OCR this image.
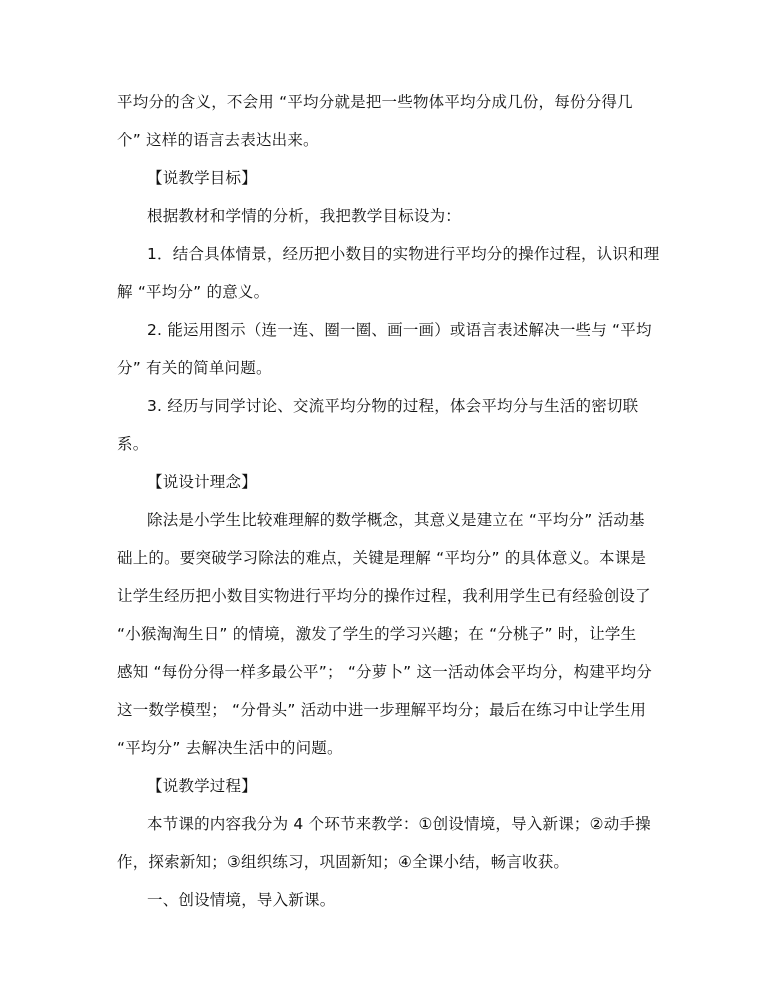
平均分的含义，不会用 “平均分就是把一些物体平均分成几份，每份分得几
个” 这样的语言去表达出来。
【说教学目标】
根据教材和学情的分析，我把教学目标设为：
1．结合具体情景，经历把小数目的实物进行平均分的操作过程，认识和理
解 “平均分” 的意义。
2. 能运用图示（连一连、圈一圈、画一画）或语言表述解决一些与 “平均
分” 有关的简单问题。
3. 经历与同学讨论、交流平均分物的过程，体会平均分与生活的密切联
系。
【说设计理念】
除法是小学生比较难理解的数学概念，其意义是建立在 “平均分” 活动基
础上的。要突破学习除法的难点，关键是理解 “平均分” 的具体意义。本课是
让学生经历把小数目实物进行平均分的操作过程，我利用学生已有经验创设了
“小猴淘淘生日” 的情境，激发了学生的学习兴趣；在 “分桃子” 时，让学生
感知 “每份分得一样多最公平”； “分萝卜” 这一活动体会平均分，构建平均分
这一数学模型； “分骨头” 活动中进一步理解平均分；最后在练习中让学生用
“平均分” 去解决生活中的问题。
【说教学过程】
本节课的内容我分为 4 个环节来教学：①创设情境，导入新课；②动手操
作，探索新知；③组织练习，巩固新知；④全课小结，畅言收获。
一、创设情境，导入新课。
